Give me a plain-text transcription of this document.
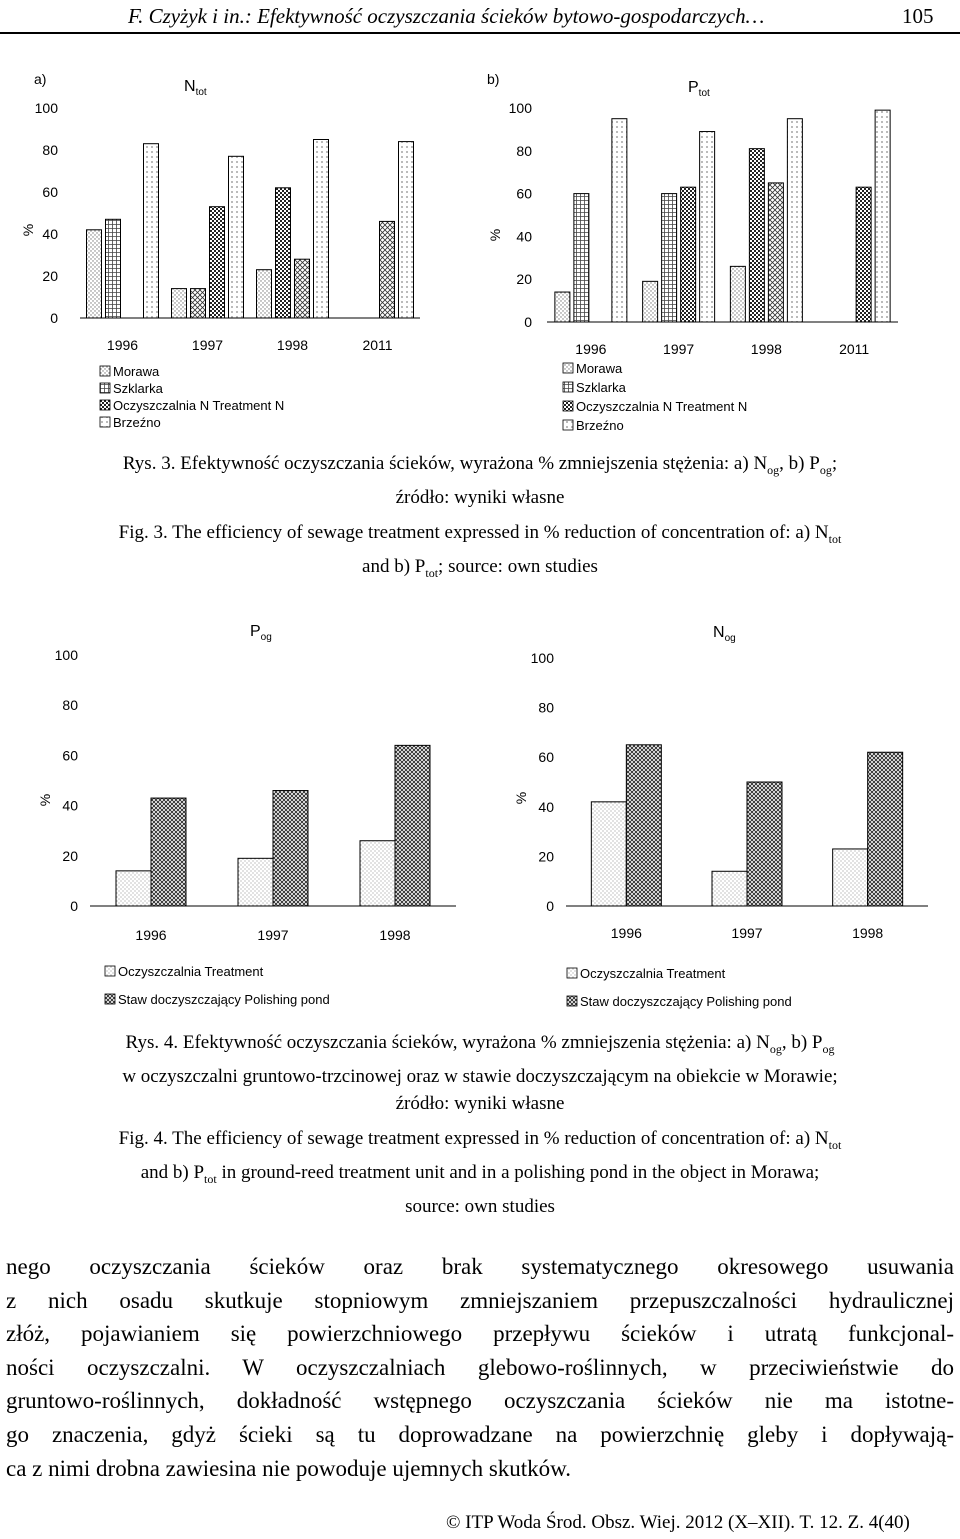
F. Czyżyk i in.: Efektywność oczyszczania ścieków bytowo-gospodarczych…	105
a)	$N_{tot}$
%
0
20
40
60
80
100
1996	1997	1998	2011
b)	$P_{tot}$
%
0
20
40
60
80
100
1996	1997	1998	2011
Morawa
Szklarka
Oczyszczalnia N Treatment N
Brzeźno
Morawa
Szklarka
Oczyszczalnia N Treatment N
Brzeźno
Rys. 3. Efektywność oczyszczania ścieków, wyrażona % zmniejszenia stężenia: a) $N_{og}$, b) $P_{og}$;
źródło: wyniki własne
Fig. 3. The efficiency of sewage treatment expressed in % reduction of concentration of: a) $N_{tot}$
and b) $P_{tot}$; source: own studies
$P_{og}$
%
0
20
40
60
80
100
1996	1997	1998
$N_{og}$
%
0
20
40
60
80
100
1996	1997	1998
Oczyszczalnia Treatment
Staw doczyszczający Polishing pond
Oczyszczalnia Treatment
Staw doczyszczający Polishing pond
Rys. 4. Efektywność oczyszczania ścieków, wyrażona % zmniejszenia stężenia: a) $N_{og}$, b) $P_{og}$
w oczyszczalni gruntowo-trzcinowej oraz w stawie doczyszczającym na obiekcie w Morawie;
źródło: wyniki własne
Fig. 4. The efficiency of sewage treatment expressed in % reduction of concentration of: a) $N_{tot}$
and b) $P_{tot}$ in ground-reed treatment unit and in a polishing pond in the object in Morawa;
source: own studies
nego oczyszczania ścieków oraz brak systematycznego okresowego usuwania
z nich osadu skutkuje stopniowym zmniejszaniem przepuszczalności hydraulicznej
złóż, pojawianiem się powierzchniowego przepływu ścieków i utratą funkcjonal-
ności oczyszczalni. W oczyszczalniach glebowo-roślinnych, w przeciwieństwie do
gruntowo-roślinnych, dokładność wstępnego oczyszczania ścieków nie ma istotne-
go znaczenia, gdyż ścieki są tu doprowadzane na powierzchnię gleby i dopływają-
ca z nimi drobna zawiesina nie powoduje ujemnych skutków.
© ITP Woda Środ. Obsz. Wiej. 2012 (X–XII). T. 12. Z. 4(40)
